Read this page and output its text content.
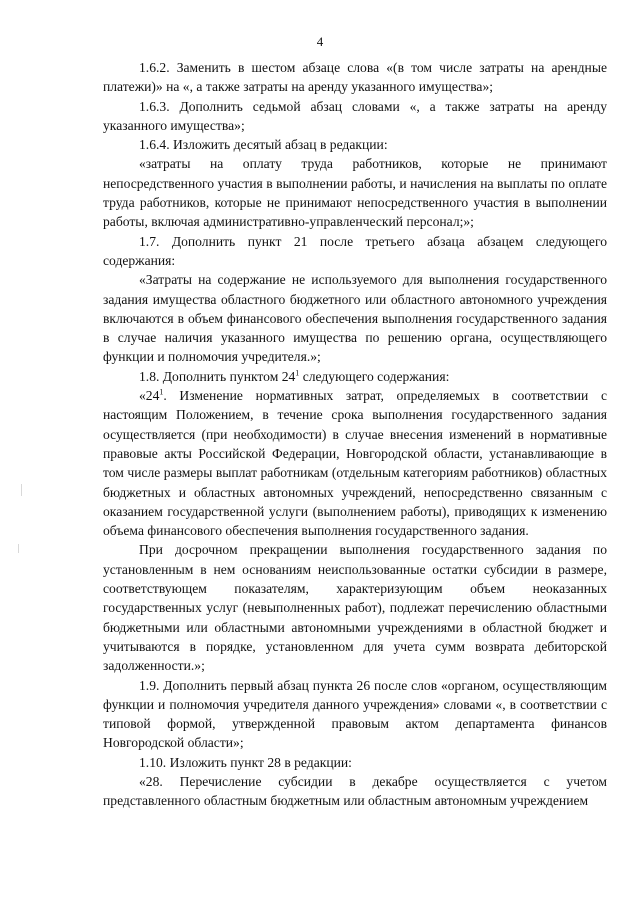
4

1.6.2. Заменить в шестом абзаце слова «(в том числе затраты на арендные платежи)» на «, а также затраты на аренду указанного имущества»;

1.6.3. Дополнить седьмой абзац словами «, а также затраты на аренду указанного имущества»;

1.6.4. Изложить десятый абзац в редакции:

«затраты на оплату труда работников, которые не принимают непосредственного участия в выполнении работы, и начисления на выплаты по оплате труда работников, которые не принимают непосредственного участия в выполнении работы, включая административно-управленческий персонал;»;

1.7. Дополнить пункт 21 после третьего абзаца абзацем следующего содержания:

«Затраты на содержание не используемого для выполнения государственного задания имущества областного бюджетного или областного автономного учреждения включаются в объем финансового обеспечения выполнения государственного задания в случае наличия указанного имущества по решению органа, осуществляющего функции и полномочия учредителя.»;

1.8. Дополнить пунктом $24^1$ следующего содержания:

«$24^1$. Изменение нормативных затрат, определяемых в соответствии с настоящим Положением, в течение срока выполнения государственного задания осуществляется (при необходимости) в случае внесения изменений в нормативные правовые акты Российской Федерации, Новгородской области, устанавливающие в том числе размеры выплат работникам (отдельным категориям работников) областных бюджетных и областных автономных учреждений, непосредственно связанным с оказанием государственной услуги (выполнением работы), приводящих к изменению объема финансового обеспечения выполнения государственного задания.

При досрочном прекращении выполнения государственного задания по установленным в нем основаниям неиспользованные остатки субсидии в размере, соответствующем показателям, характеризующим объем неоказанных государственных услуг (невыполненных работ), подлежат перечислению областными бюджетными или областными автономными учреждениями в областной бюджет и учитываются в порядке, установленном для учета сумм возврата дебиторской задолженности.»;

1.9. Дополнить первый абзац пункта 26 после слов «органом, осуществляющим функции и полномочия учредителя данного учреждения» словами «, в соответствии с типовой формой, утвержденной правовым актом департамента финансов Новгородской области»;

1.10. Изложить пункт 28 в редакции:

«28. Перечисление субсидии в декабре осуществляется с учетом представленного областным бюджетным или областным автономным учреждением
